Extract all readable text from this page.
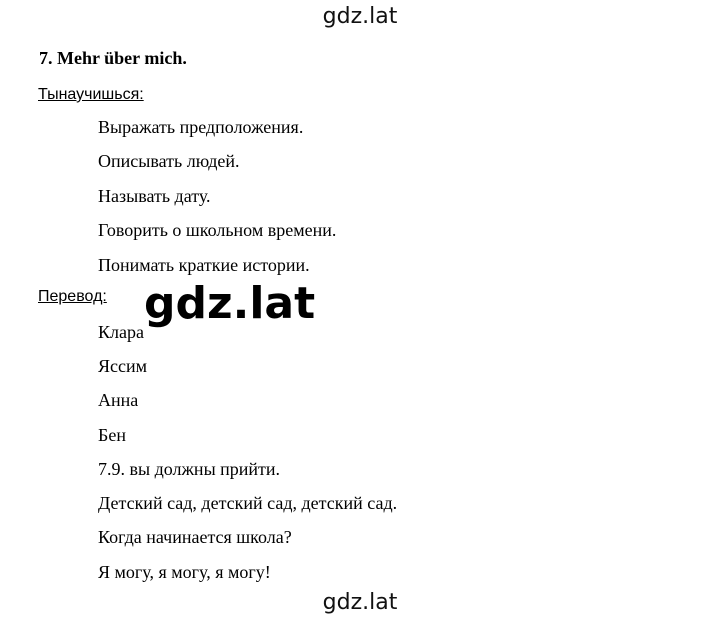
gdz.lat
7. Mehr über mich.
Тынаучишься:
Выражать предположения.
Описывать людей.
Называть дату.
Говорить о школьном времени.
Понимать краткие истории.
Перевод:
Клара
Яссим
Анна
Бен
7.9. вы должны прийти.
Детский сад, детский сад, детский сад.
Когда начинается школа?
Я могу, я могу, я могу!
gdz.lat
gdz.lat
